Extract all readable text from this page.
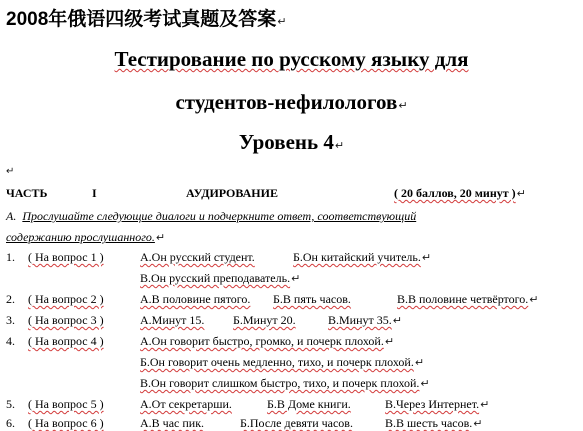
2008年俄语四级考试真题及答案↵
Тестирование по русскому языку для
студентов-нефилологов↵
Уровень 4↵
↵
ЧАСТЬ	I	АУДИРОВАНИЕ	( 20 баллов, 20 минут )↵
А. Прослушайте следующие диалоги и подчеркните ответ, соответствующий
содержанию прослушанного.↵
1. ( На вопрос 1 )	А.Он русский студент.	Б.Он китайский учитель.↵
В.Он русский преподаватель.↵
2. ( На вопрос 2 )	А.В половине пятого. Б.В пять часов.	В.В половине четвёртого.↵
3. ( На вопрос 3 )	А.Минут 15. Б.Минут 20.	В.Минут 35.↵
4. ( На вопрос 4 )	А.Он говорит быстро, громко, и почерк плохой.↵
Б.Он говорит очень медленно, тихо, и почерк плохой.↵
В.Он говорит слишком быстро, тихо, и почерк плохой.↵
5. ( На вопрос 5 )	А.От секретарши.	Б.В Доме книги.	В.Через Интернет.↵
6. ( На вопрос 6 )	А.В час пик.	Б.После девяти часов.	В.В шесть часов.↵
